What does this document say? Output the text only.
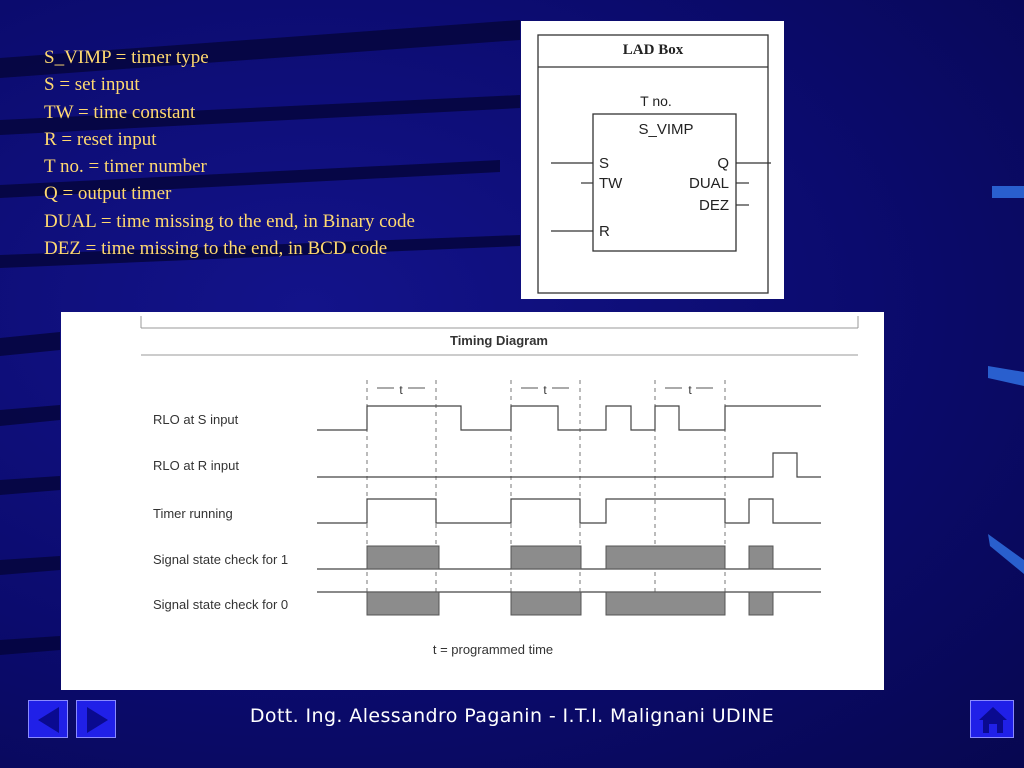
S_VIMP = timer type
S = set input
TW = time constant
R = reset input
T no. = timer number
Q = output timer
DUAL = time missing to the end, in Binary code
DEZ = time missing to the end, in BCD code
LAD Box
T no.
S_VIMP
S
TW
R
Q
DUAL
DEZ
Timing Diagram
RLO at S input
RLO at R input
Timer running
Signal state check for 1
Signal state check for 0
t	t	t
t = programmed time
Dott. Ing. Alessandro Paganin - I.T.I. Malignani UDINE
